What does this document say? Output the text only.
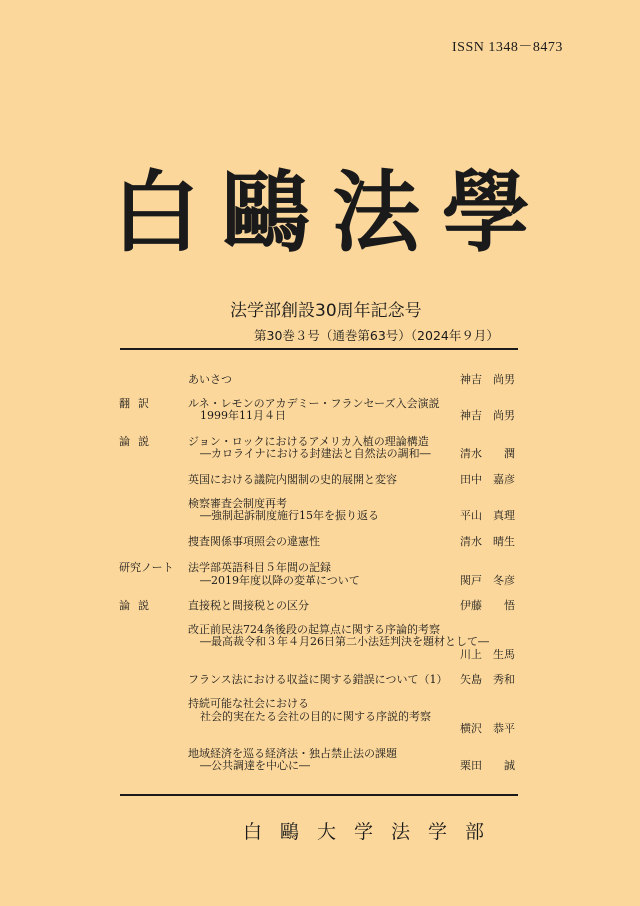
ISSN 1348－8473
白鷗法學
法学部創設30周年記念号
第30巻３号（通巻第63号）（2024年９月）
あいさつ	神吉　尚男
翻訳	ルネ・レモンのアカデミー・フランセーズ入会演説
1999年11月４日	神吉　尚男
論説	ジョン・ロックにおけるアメリカ入植の理論構造
―カロライナにおける封建法と自然法の調和―	清水　　潤
英国における議院内閣制の史的展開と変容	田中　嘉彦
検察審査会制度再考
―強制起訴制度施行15年を振り返る	平山　真理
捜査関係事項照会の違憲性	清水　晴生
研究ノート 法学部英語科目５年間の記録
―2019年度以降の変革について	関戸　冬彦
論説	直接税と間接税との区分	伊藤　　悟
改正前民法724条後段の起算点に関する序論的考察
―最高裁令和３年４月26日第二小法廷判決を題材として―
川上　生馬
フランス法における収益に関する錯誤について（1） 矢島　秀和
持続可能な社会における
社会的実在たる会社の目的に関する序説的考察
横沢　恭平
地域経済を巡る経済法・独占禁止法の課題
―公共調達を中心に―	栗田　　誠
白鷗大学法学部
